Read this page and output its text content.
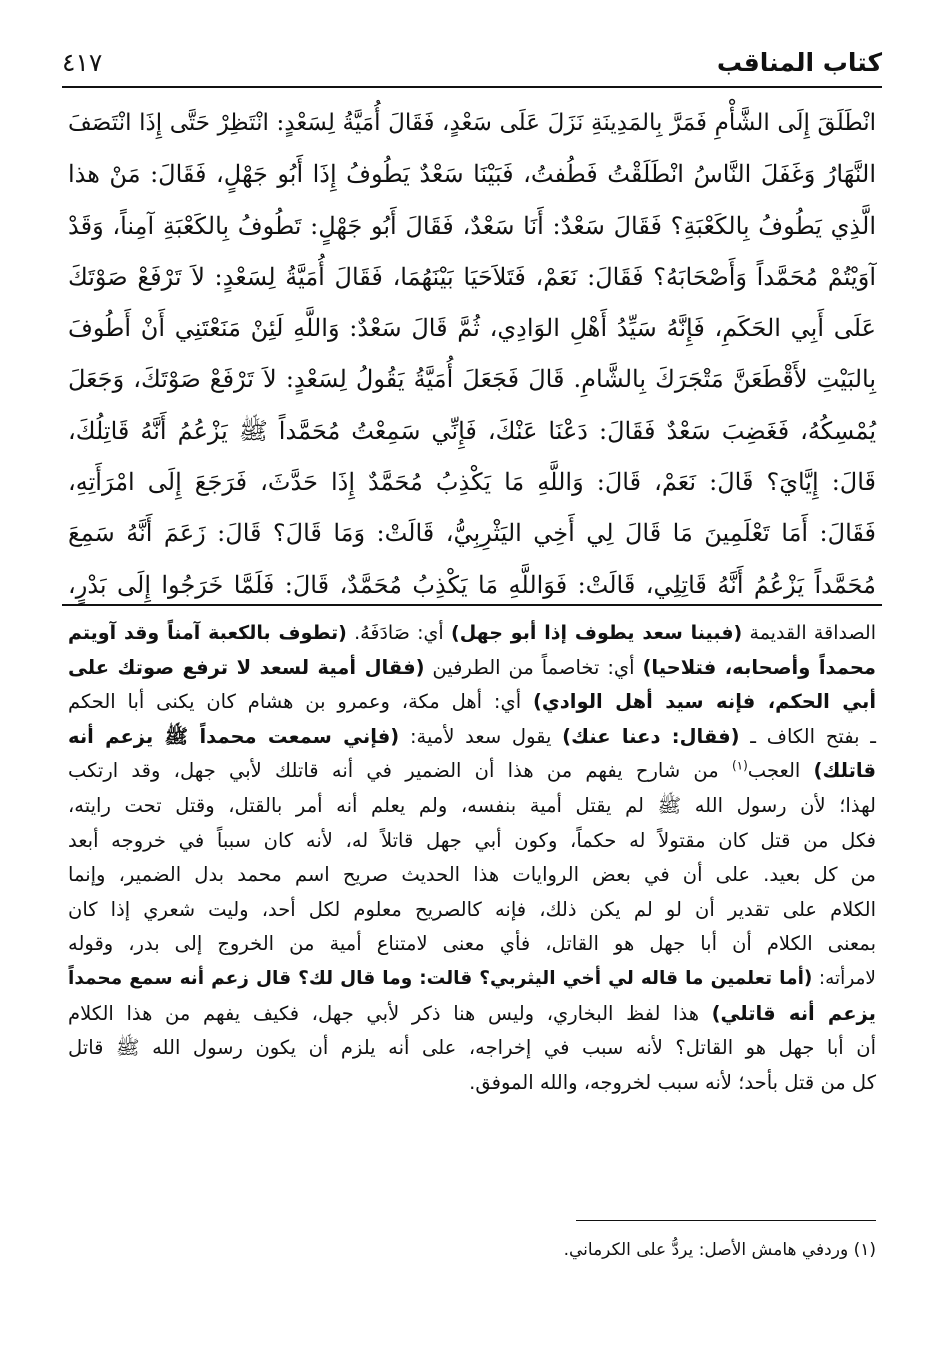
كتاب المناقب
٤١٧
انْطَلَقَ إِلَى الشَّأْمِ فَمَرَّ بِالمَدِينَةِ نَزَلَ عَلَى سَعْدٍ، فَقَالَ أُمَيَّةُ لِسَعْدٍ: انْتَظِرْ حَتَّى إِذَا انْتَصَفَ
النَّهَارُ وَغَفَلَ النَّاسُ انْطَلَقْتُ فَطُفتُ، فَبَيْنَا سَعْدٌ يَطُوفُ إِذَا أَبُو جَهْلٍ، فَقَالَ: مَنْ هذا
الَّذِي يَطُوفُ بِالكَعْبَةِ؟ فَقَالَ سَعْدٌ: أَنَا سَعْدٌ، فَقَالَ أَبُو جَهْلٍ: تَطُوفُ بِالكَعْبَةِ آمِناً، وَقَدْ
آوَيْتُمْ مُحَمَّداً وَأَصْحَابَهُ؟ فَقَالَ: نَعَمْ، فَتَلاَحَيَا بَيْنَهُمَا، فَقَالَ أُمَيَّةُ لِسَعْدٍ: لاَ تَرْفَعْ صَوْتَكَ
عَلَى أَبِي الحَكَمِ، فَإِنَّهُ سَيِّدُ أَهْلِ الوَادِي، ثُمَّ قَالَ سَعْدٌ: وَاللَّهِ لَئِنْ مَنَعْتَنِي أَنْ أَطُوفَ
بِالبَيْتِ لأَقْطَعَنَّ مَتْجَرَكَ بِالشَّامِ. قَالَ فَجَعَلَ أُمَيَّةُ يَقُولُ لِسَعْدٍ: لاَ تَرْفَعْ صَوْتَكَ، وَجَعَلَ
يُمْسِكُهُ، فَغَضِبَ سَعْدٌ فَقَالَ: دَعْنَا عَنْكَ، فَإِنِّي سَمِعْتُ مُحَمَّداً ﷺ يَزْعُمُ أَنَّهُ قَاتِلُكَ،
قَالَ: إِيَّايَ؟ قَالَ: نَعَمْ، قَالَ: وَاللَّهِ مَا يَكْذِبُ مُحَمَّدٌ إِذَا حَدَّثَ، فَرَجَعَ إِلَى امْرَأَتِهِ،
فَقَالَ: أَمَا تَعْلَمِينَ مَا قَالَ لِي أَخِي اليَثْرِبِيُّ، قَالَتْ: وَمَا قَالَ؟ قَالَ: زَعَمَ أَنَّهُ سَمِعَ
مُحَمَّداً يَزْعُمُ أَنَّهُ قَاتِلِي، قَالَتْ: فَوَاللَّهِ مَا يَكْذِبُ مُحَمَّدٌ، قَالَ: فَلَمَّا خَرَجُوا إِلَى بَدْرٍ،
الصداقة القديمة (فبينا سعد يطوف إذا أبو جهل) أي: صَادَفَهُ. (تطوف بالكعبة آمناً وقد آويتم
محمداً وأصحابه، فتلاحيا) أي: تخاصماً من الطرفين (فقال أمية لسعد لا ترفع صوتك على
أبي الحكم، فإنه سيد أهل الوادي) أي: أهل مكة، وعمرو بن هشام كان يكنى أبا الحكم
ـ بفتح الكاف ـ (فقال: دعنا عنك) يقول سعد لأمية: (فإني سمعت محمداً ﷺ يزعم أنه
قاتلك) العجب$^{(١)}$ من شارح يفهم من هذا أن الضمير في أنه قاتلك لأبي جهل، وقد ارتكب
لهذا؛ لأن رسول الله ﷺ لم يقتل أمية بنفسه، ولم يعلم أنه أمر بالقتل، وقتل تحت رايته،
فكل من قتل كان مقتولاً له حكماً، وكون أبي جهل قاتلاً له، لأنه كان سبباً في خروجه أبعد
من كل بعيد. على أن في بعض الروايات هذا الحديث صريح اسم محمد بدل الضمير، وإنما
الكلام على تقدير أن لو لم يكن ذلك، فإنه كالصريح معلوم لكل أحد، وليت شعري إذا كان
بمعنى الكلام أن أبا جهل هو القاتل، فأي معنى لامتناع أمية من الخروج إلى بدر، وقوله
لامرأته: (أما تعلمين ما قاله لي أخي اليثربي؟ قالت: وما قال لك؟ قال زعم أنه سمع محمداً
يزعم أنه قاتلي) هذا لفظ البخاري، وليس هنا ذكر لأبي جهل، فكيف يفهم من هذا الكلام
أن أبا جهل هو القاتل؟ لأنه سبب في إخراجه، على أنه يلزم أن يكون رسول الله ﷺ قاتل
كل من قتل بأحد؛ لأنه سبب لخروجه، والله الموفق.
(١) وردفي هامش الأصل: يردُّ على الكرماني.
